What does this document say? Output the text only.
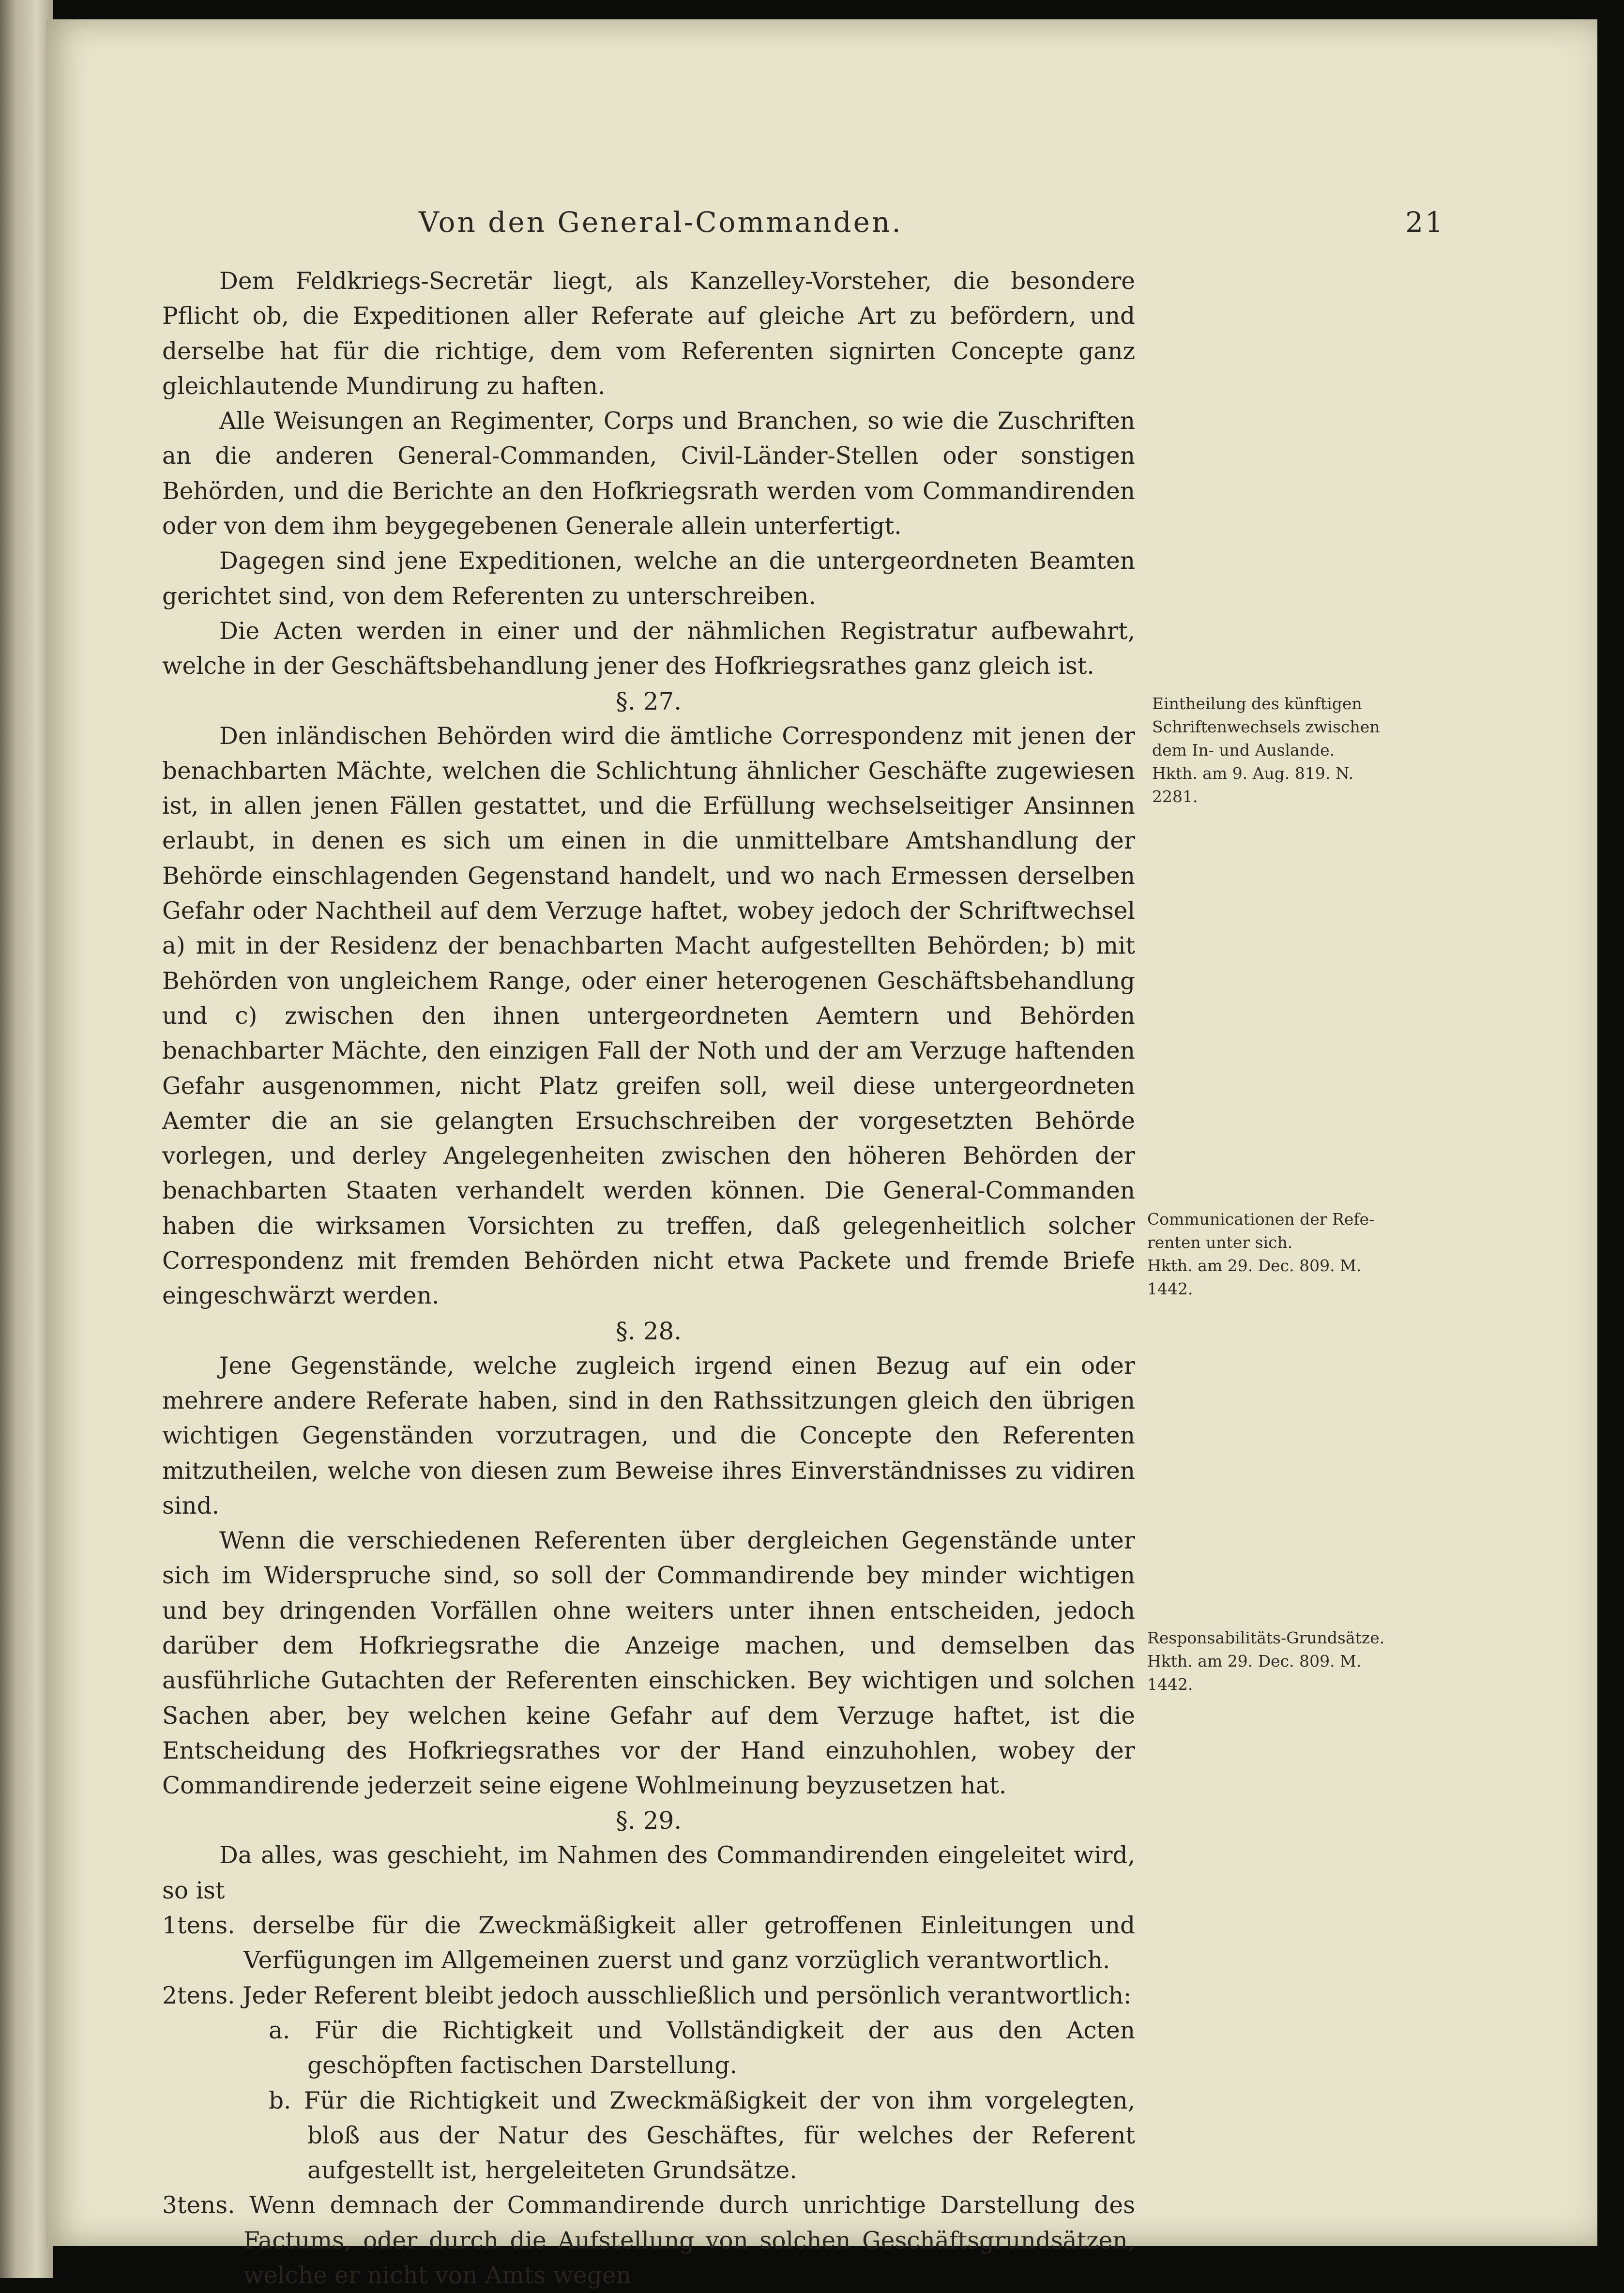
Von den General-Commanden.	21

Dem Feldkriegs-Secretär liegt, als Kanzelley-Vorsteher, die besondere Pflicht ob, die Expeditionen aller Referate auf gleiche Art zu befördern, und derselbe hat für die richtige, dem vom Referenten signirten Concepte ganz gleichlautende Mundirung zu haften.

Alle Weisungen an Regimenter, Corps und Branchen, so wie die Zuschriften an die anderen General-Commanden, Civil-Länder-Stellen oder sonstigen Behörden, und die Berichte an den Hofkriegsrath werden vom Commandirenden oder von dem ihm beygegebenen Generale allein unterfertigt.

Dagegen sind jene Expeditionen, welche an die untergeordneten Beamten gerichtet sind, von dem Referenten zu unterschreiben.

Die Acten werden in einer und der nähmlichen Registratur aufbewahrt, welche in der Geschäftsbehandlung jener des Hofkriegsrathes ganz gleich ist.

§. 27.

Den inländischen Behörden wird die ämtliche Correspondenz mit jenen der benachbarten Mächte, welchen die Schlichtung ähnlicher Geschäfte zugewiesen ist, in allen jenen Fällen gestattet, und die Erfüllung wechselseitiger Ansinnen erlaubt, in denen es sich um einen in die unmittelbare Amtshandlung der Behörde einschlagenden Gegenstand handelt, und wo nach Ermessen derselben Gefahr oder Nachtheil auf dem Verzuge haftet, wobey jedoch der Schriftwechsel a) mit in der Residenz der benachbarten Macht aufgestellten Behörden; b) mit Behörden von ungleichem Range, oder einer heterogenen Geschäftsbehandlung und c) zwischen den ihnen untergeordneten Aemtern und Behörden benachbarter Mächte, den einzigen Fall der Noth und der am Verzuge haftenden Gefahr ausgenommen, nicht Platz greifen soll, weil diese untergeordneten Aemter die an sie gelangten Ersuchschreiben der vorgesetzten Behörde vorlegen, und derley Angelegenheiten zwischen den höheren Behörden der benachbarten Staaten verhandelt werden können. Die General-Commanden haben die wirksamen Vorsichten zu treffen, daß gelegenheitlich solcher Correspondenz mit fremden Behörden nicht etwa Packete und fremde Briefe eingeschwärzt werden.

§. 28.

Jene Gegenstände, welche zugleich irgend einen Bezug auf ein oder mehrere andere Referate haben, sind in den Rathssitzungen gleich den übrigen wichtigen Gegenständen vorzutragen, und die Concepte den Referenten mitzutheilen, welche von diesen zum Beweise ihres Einverständnisses zu vidiren sind.

Wenn die verschiedenen Referenten über dergleichen Gegenstände unter sich im Widerspruche sind, so soll der Commandirende bey minder wichtigen und bey dringenden Vorfällen ohne weiters unter ihnen entscheiden, jedoch darüber dem Hofkriegsrathe die Anzeige machen, und demselben das ausführliche Gutachten der Referenten einschicken. Bey wichtigen und solchen Sachen aber, bey welchen keine Gefahr auf dem Verzuge haftet, ist die Entscheidung des Hofkriegsrathes vor der Hand einzuhohlen, wobey der Commandirende jederzeit seine eigene Wohlmeinung beyzusetzen hat.

§. 29.

Da alles, was geschieht, im Nahmen des Commandirenden eingeleitet wird, so ist

1tens. derselbe für die Zweckmäßigkeit aller getroffenen Einleitungen und Verfügungen im Allgemeinen zuerst und ganz vorzüglich verantwortlich.
2tens. Jeder Referent bleibt jedoch ausschließlich und persönlich verantwortlich:
a. Für die Richtigkeit und Vollständigkeit der aus den Acten geschöpften factischen Darstellung.
b. Für die Richtigkeit und Zweckmäßigkeit der von ihm vorgelegten, bloß aus der Natur des Geschäftes, für welches der Referent aufgestellt ist, hergeleiteten Grundsätze.
3tens. Wenn demnach der Commandirende durch unrichtige Darstellung des Factums, oder durch die Aufstellung von solchen Geschäftsgrundsätzen, welche er nicht von Amts wegen
Eintheilung des künftigen
Schriftenwechsels zwischen
dem In- und Auslande.
Hkth. am 9. Aug. 819. N. 2281.
Communicationen der Refe-
renten unter sich.
Hkth. am 29. Dec. 809. M. 1442.
Responsabilitäts-Grundsätze.
Hkth. am 29. Dec. 809. M. 1442.
